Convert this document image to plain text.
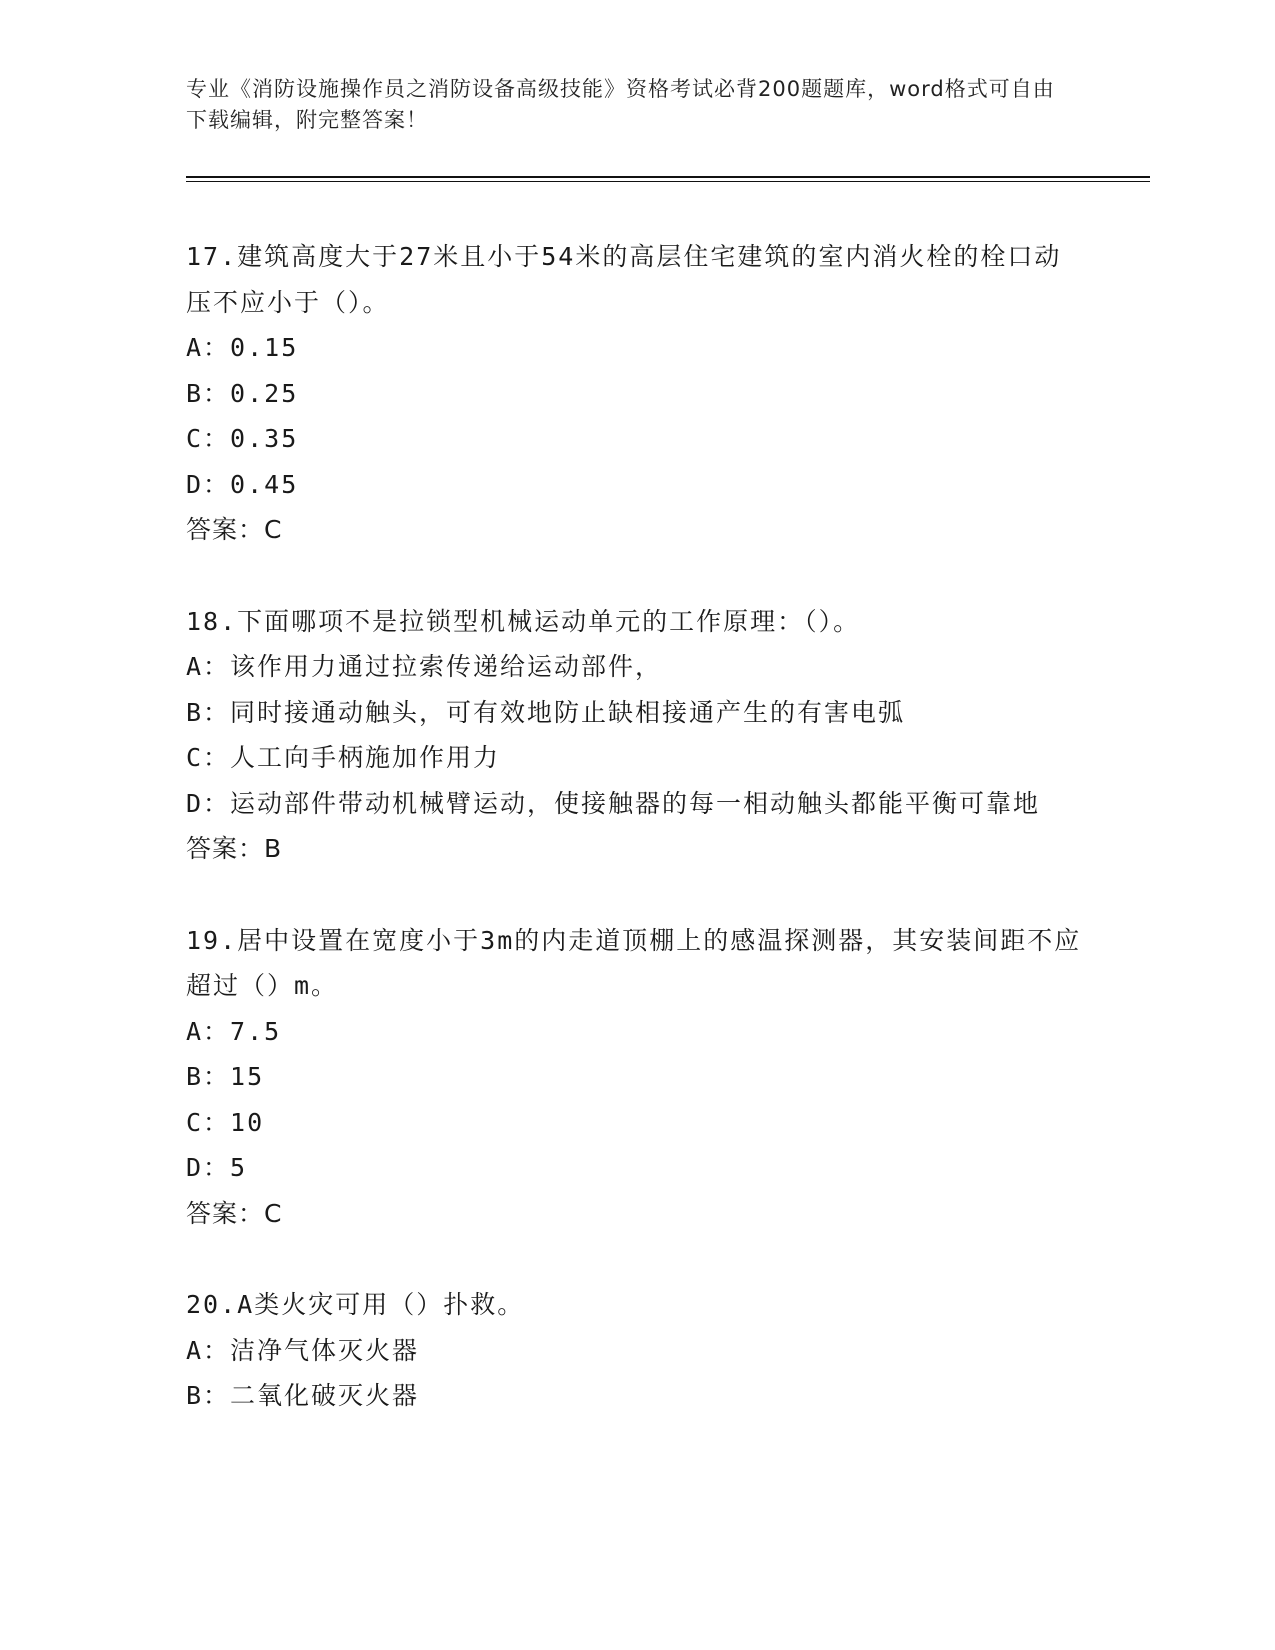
专业《消防设施操作员之消防设备高级技能》资格考试必背200题题库，word格式可自由下载编辑，附完整答案！
17.建筑高度大于27米且小于54米的高层住宅建筑的室内消火栓的栓口动压不应小于（）。
A：0.15
B：0.25
C：0.35
D：0.45
答案：C
18.下面哪项不是拉锁型机械运动单元的工作原理：（）。
A：该作用力通过拉索传递给运动部件，
B：同时接通动触头，可有效地防止缺相接通产生的有害电弧
C：人工向手柄施加作用力
D：运动部件带动机械臂运动，使接触器的每一相动触头都能平衡可靠地
答案：B
19.居中设置在宽度小于3m的内走道顶棚上的感温探测器，其安装间距不应超过（）m。
A：7.5
B：15
C：10
D：5
答案：C
20.A类火灾可用（）扑救。
A：洁净气体灭火器
B：二氧化破灭火器
